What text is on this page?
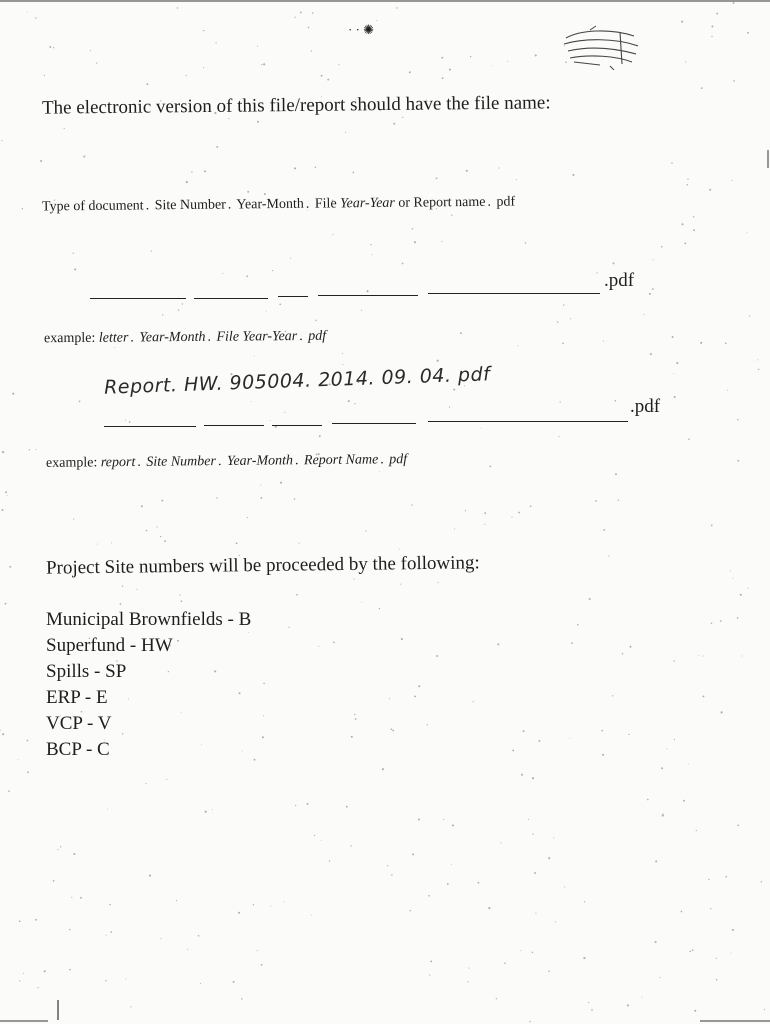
· · ✺
The electronic version of this file/report should have the file name:
Type of document . Site Number . Year-Month . File Year-Year or Report name . pdf
.pdf
example: letter . Year-Month . File Year-Year . pdf
Report. HW. 905004. 2014. 09. 04. pdf
.pdf
example: report . Site Number . Year-Month . Report Name . pdf
Project Site numbers will be proceeded by the following:
Municipal Brownfields - B
Superfund - HW
Spills - SP
ERP - E
VCP - V
BCP - C
